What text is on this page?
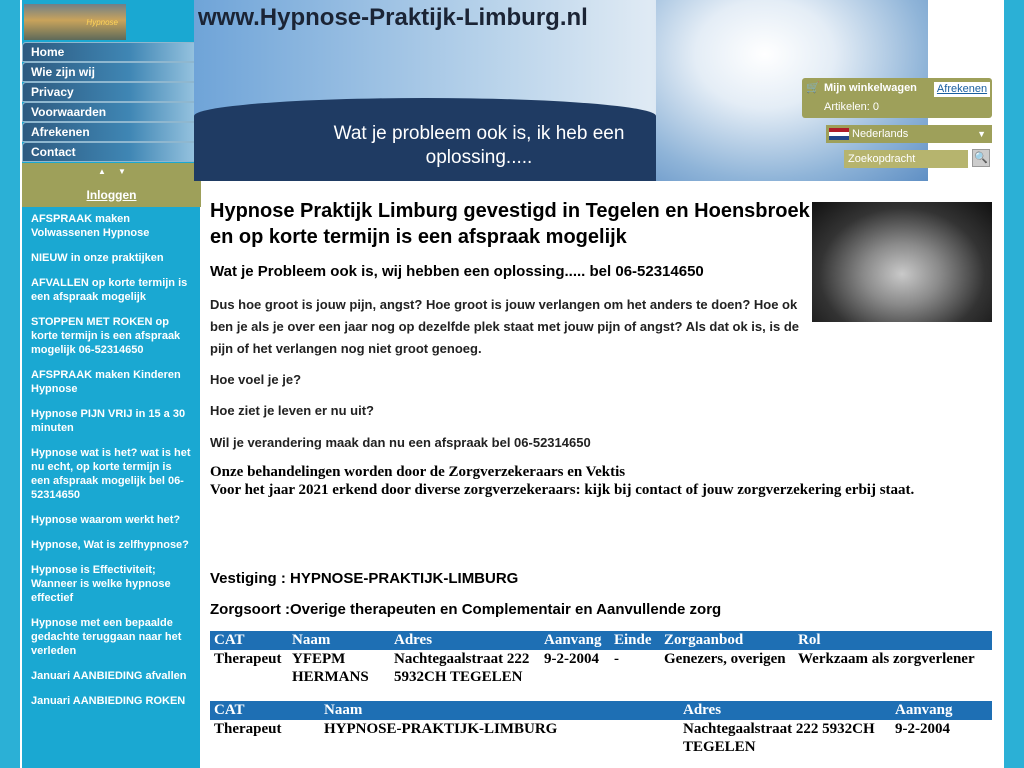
Hypnose
Home
Wie zijn wij
Privacy
Voorwaarden
Afrekenen
Contact
▲ ▼
Inloggen
AFSPRAAK maken Volwassenen Hypnose
NIEUW in onze praktijken
AFVALLEN op korte termijn is een afspraak mogelijk
STOPPEN MET ROKEN op korte termijn is een afspraak mogelijk 06-52314650
AFSPRAAK maken Kinderen Hypnose
Hypnose PIJN VRIJ in 15 a 30 minuten
Hypnose wat is het? wat is het nu echt, op korte termijn is een afspraak mogelijk bel 06-52314650
Hypnose waarom werkt het?
Hypnose, Wat is zelfhypnose?
Hypnose is Effectiviteit; Wanneer is welke hypnose effectief
Hypnose met een bepaalde gedachte teruggaan naar het verleden
Januari AANBIEDING afvallen
Januari AANBIEDING ROKEN
www.Hypnose-Praktijk-Limburg.nl
Wat je probleem ook is, ik heb een oplossing.....
🛒 Mijn winkelwagen Afrekenen
Artikelen: 0
Nederlands	▼
Zoekopdracht	🔍
Hypnose Praktijk Limburg gevestigd in Tegelen en Hoensbroek en op korte termijn is een afspraak mogelijk
Wat je Probleem ook is, wij hebben een oplossing..... bel 06-52314650
Dus hoe groot is jouw pijn, angst? Hoe groot is jouw verlangen om het anders te doen? Hoe ok ben je als je over een jaar nog op dezelfde plek staat met jouw pijn of angst? Als dat ok is, is de pijn of het verlangen nog niet groot genoeg.
Hoe voel je je?
Hoe ziet je leven er nu uit?
Wil je verandering maak dan nu een afspraak bel 06-52314650
Onze behandelingen worden door de Zorgverzekeraars en Vektis
Voor het jaar 2021 erkend door diverse zorgverzekeraars: kijk bij contact of jouw zorgverzekering erbij staat.
Vestiging : HYPNOSE-PRAKTIJK-LIMBURG
Zorgsoort :Overige therapeuten en Complementair en Aanvullende zorg
CAT	Naam	Adres	Aanvang	Einde	Zorgaanbod	Rol
Therapeut	YFEPM HERMANS	Nachtegaalstraat 222 5932CH TEGELEN	9-2-2004	-	Genezers, overigen	Werkzaam als zorgverlener
CAT	Naam	Adres	Aanvang
Therapeut	HYPNOSE-PRAKTIJK-LIMBURG	Nachtegaalstraat 222 5932CH TEGELEN	9-2-2004
